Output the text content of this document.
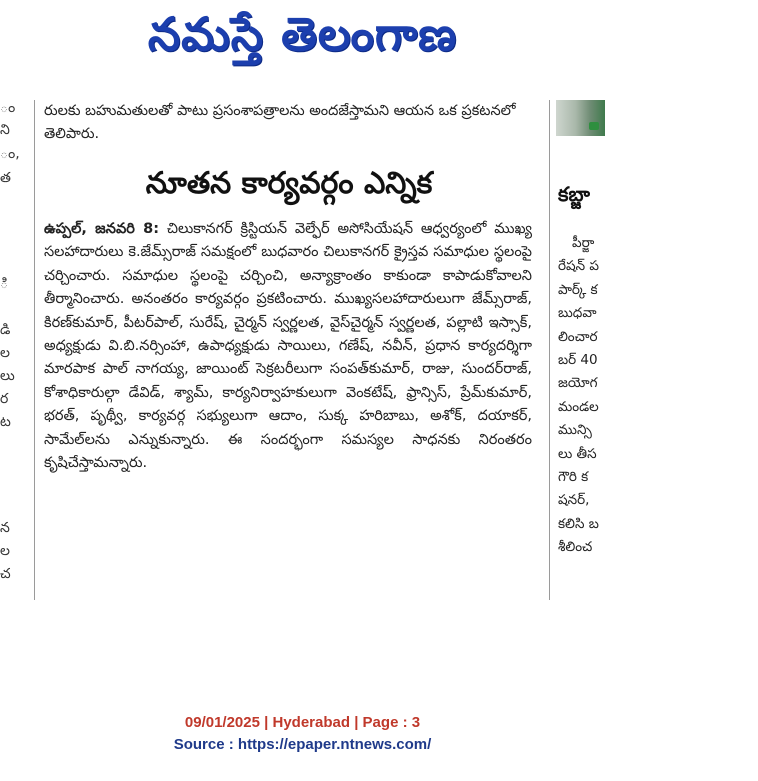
నమస్తే తెలంగాణ
ం
ని
ం,
త
ి
డి
ల
లు
ర
ట
న
ల
చ

రులకు బహుమతులతో పాటు ప్రసంశాపత్రాలను అందజేస్తామని ఆయన ఒక ప్రకటనలో తెలిపారు.

నూతన కార్యవర్గం ఎన్నిక

ఉప్పల్, జనవరి 8: చిలుకానగర్ క్రిస్టియన్ వెల్ఫేర్ అసోసియేషన్ ఆధ్వర్యంలో ముఖ్య సలహాదారులు కె.జేమ్స్‌రాజ్ సమక్షంలో బుధవారం చిలుకానగర్ క్రైస్తవ సమాధుల స్థలంపై చర్చించారు. సమాధుల స్థలంపై చర్చించి, అన్యాక్రాంతం కాకుండా కాపాడుకోవాలని తీర్మానించారు. అనంతరం కార్యవర్గం ప్రకటించారు. ముఖ్యసలహాదారులుగా జేమ్స్‌రాజ్, కిరణ్‌కుమార్, పీటర్‌పాల్, సురేష్, చైర్మన్ స్వర్ణలత, వైస్‌చైర్మన్ స్వర్ణలత, పల్లాటి ఇస్సాక్, అధ్యక్షుడు వి.బి.నర్సింహా, ఉపాధ్యక్షుడు సాయిలు, గణేష్, నవీన్, ప్రధాన కార్యదర్శిగా మారపాక పాల్ నాగయ్య, జాయింట్ సెక్రటరీలుగా సంపత్‌కుమార్, రాజు, సుందర్‌రాజ్, కోశాధికారుల్గా డేవిడ్, శ్యామ్, కార్యనిర్వాహకులుగా వెంకటేష్, ఫ్రాన్సిస్, ప్రేమ్‌కుమార్, భరత్, పృథ్వీ, కార్యవర్గ సభ్యులుగా ఆదాం, సుక్క హరిబాబు, అశోక్, దయాకర్, సామేల్‌లను ఎన్నుకున్నారు. ఈ సందర్భంగా సమస్యల సాధనకు నిరంతరం కృషిచేస్తామన్నారు.

కబ్జా
పీర్జా
రేషన్ ప
పార్క్ క
బుధవా
లించార
బర్ 40
జయోగ
మండల
మున్సి
లు తీస
గౌరి క
షనర్,
కలిసి బ
శీలించ
09/01/2025 | Hyderabad | Page : 3
Source : https://epaper.ntnews.com/
